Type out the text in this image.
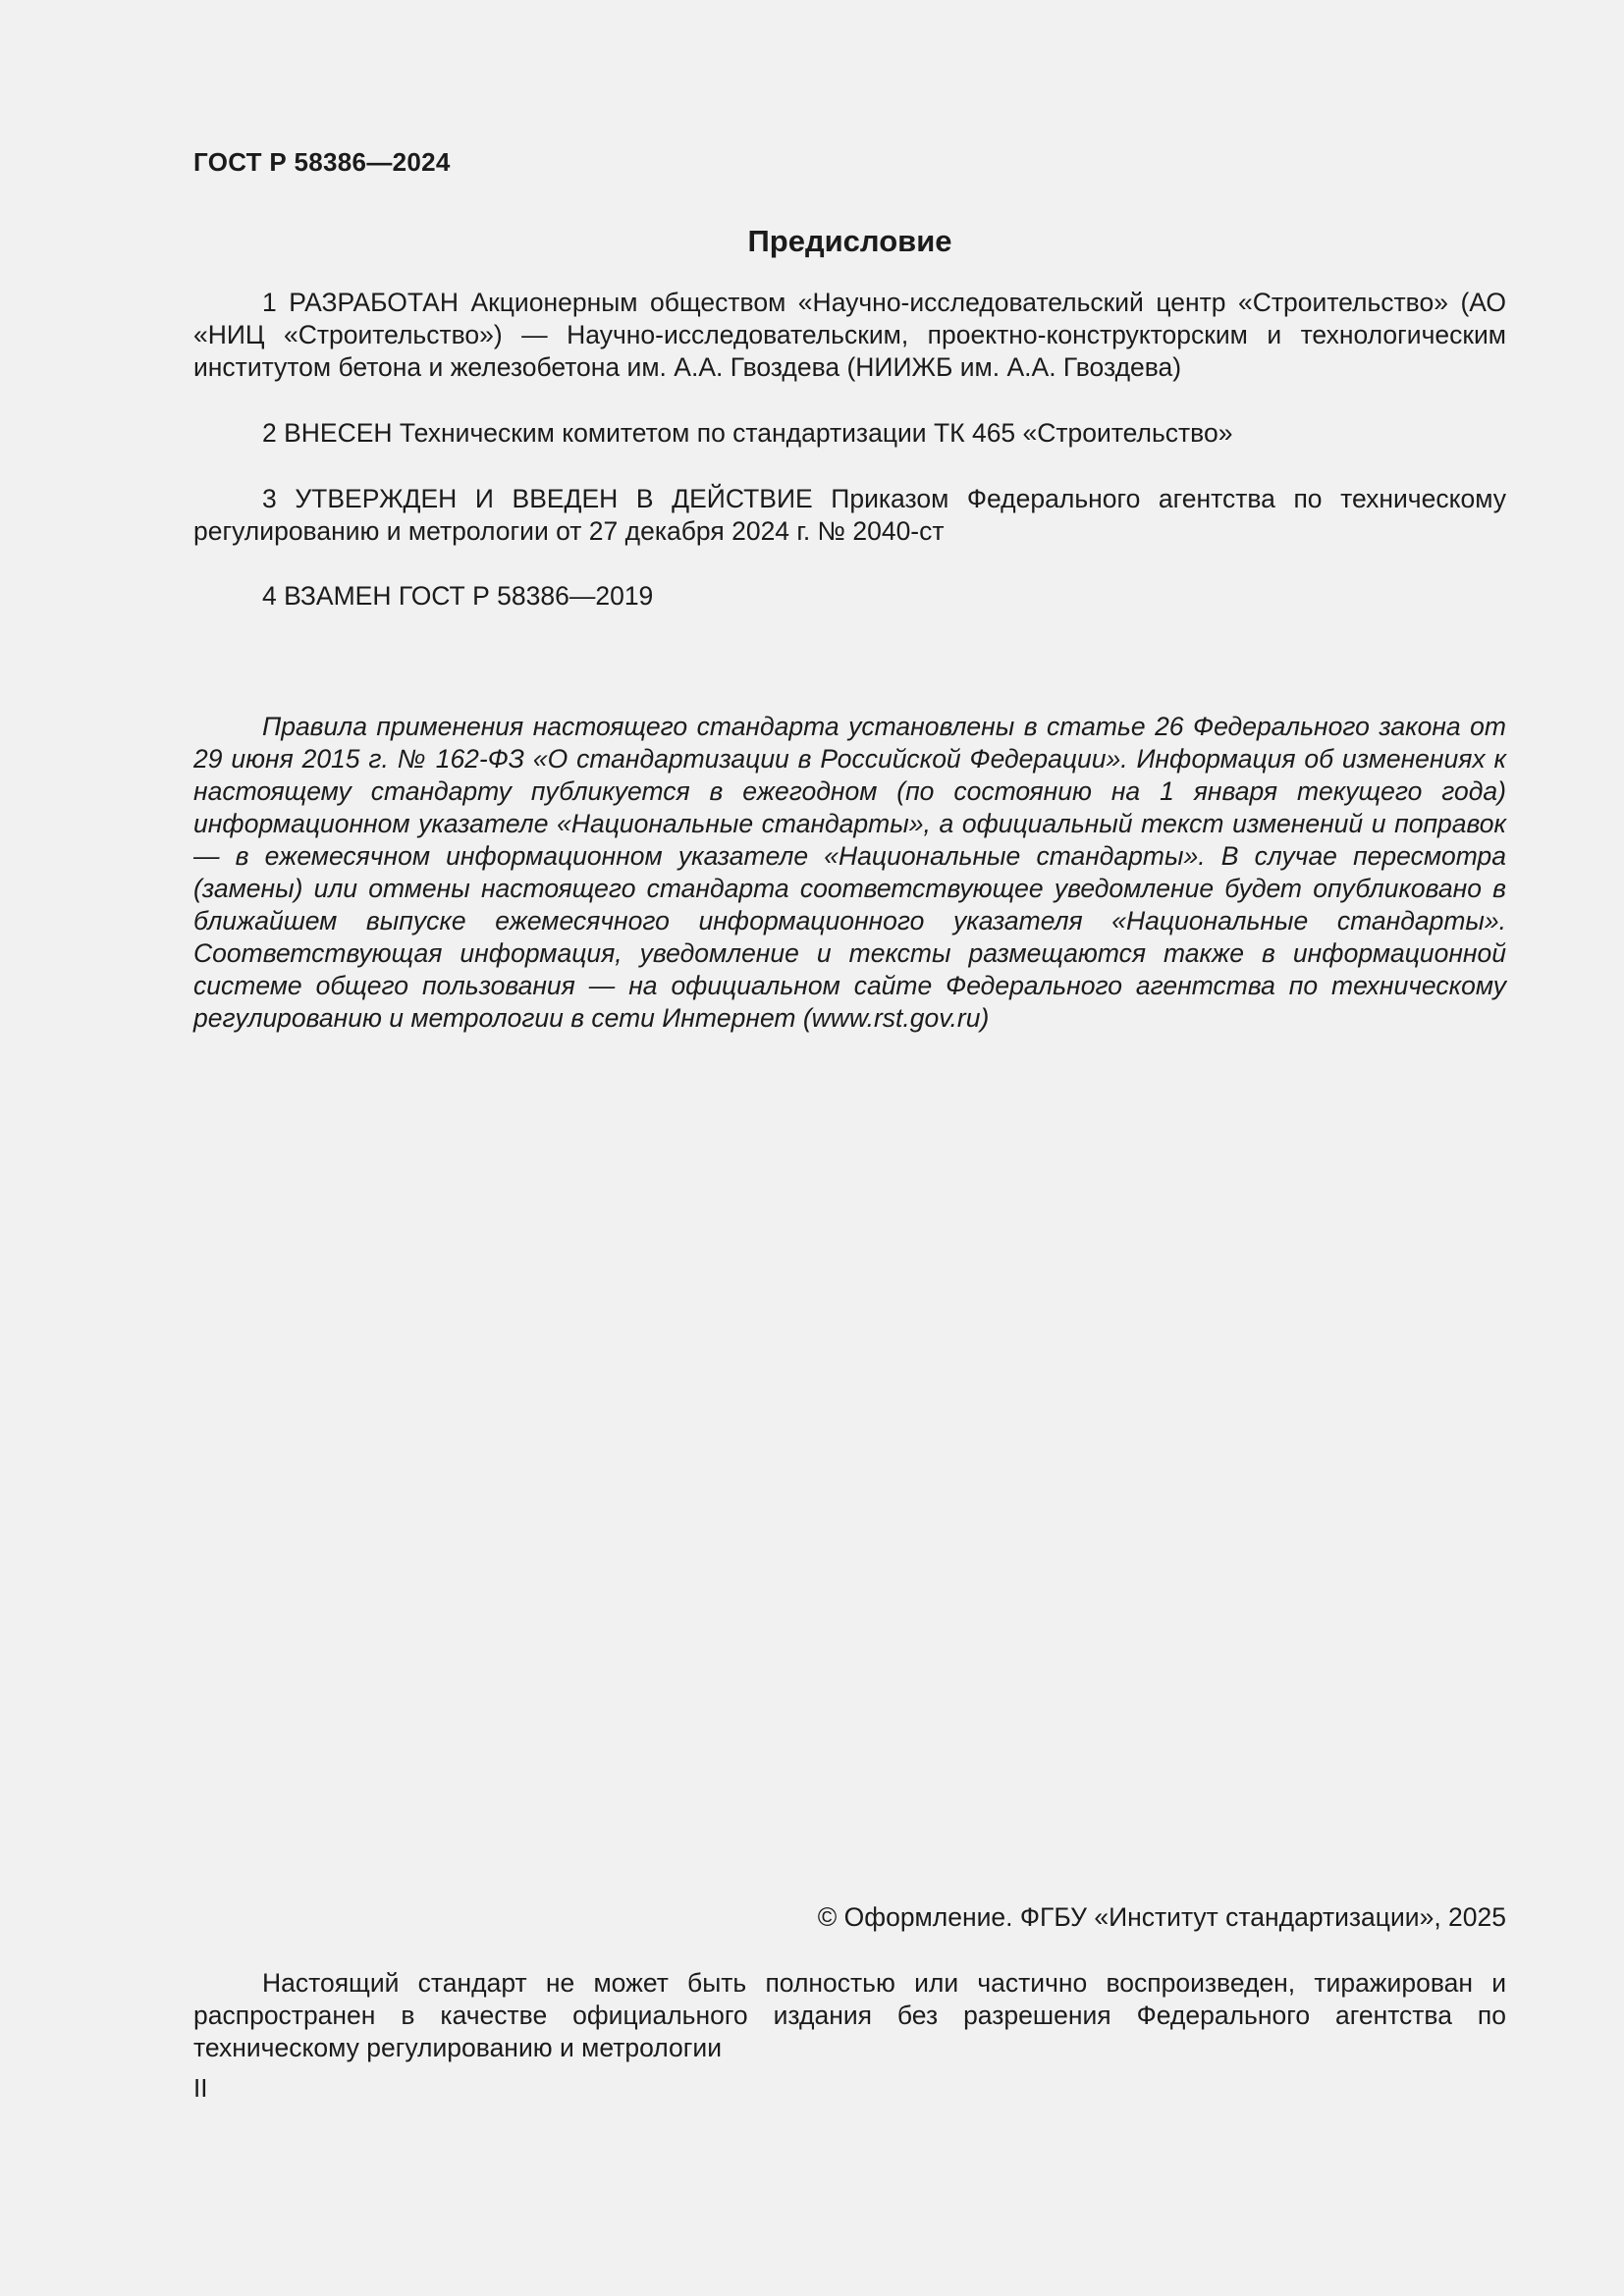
ГОСТ Р 58386—2024

Предисловие

1 РАЗРАБОТАН Акционерным обществом «Научно-исследовательский центр «Строительство» (АО «НИЦ «Строительство») — Научно-исследовательским, проектно-конструкторским и технологическим институтом бетона и железобетона им. А.А. Гвоздева (НИИЖБ им. А.А. Гвоздева)

2 ВНЕСЕН Техническим комитетом по стандартизации ТК 465 «Строительство»

3 УТВЕРЖДЕН И ВВЕДЕН В ДЕЙСТВИЕ Приказом Федерального агентства по техническому регулированию и метрологии от 27 декабря 2024 г. № 2040-ст

4 ВЗАМЕН ГОСТ Р 58386—2019

Правила применения настоящего стандарта установлены в статье 26 Федерального закона от 29 июня 2015 г. № 162-ФЗ «О стандартизации в Российской Федерации». Информация об изменениях к настоящему стандарту публикуется в ежегодном (по состоянию на 1 января текущего года) информационном указателе «Национальные стандарты», а официальный текст изменений и поправок — в ежемесячном информационном указателе «Национальные стандарты». В случае пересмотра (замены) или отмены настоящего стандарта соответствующее уведомление будет опубликовано в ближайшем выпуске ежемесячного информационного указателя «Национальные стандарты». Соответствующая информация, уведомление и тексты размещаются также в информационной системе общего пользования — на официальном сайте Федерального агентства по техническому регулированию и метрологии в сети Интернет (www.rst.gov.ru)

© Оформление. ФГБУ «Институт стандартизации», 2025

Настоящий стандарт не может быть полностью или частично воспроизведен, тиражирован и распространен в качестве официального издания без разрешения Федерального агентства по техническому регулированию и метрологии

II
